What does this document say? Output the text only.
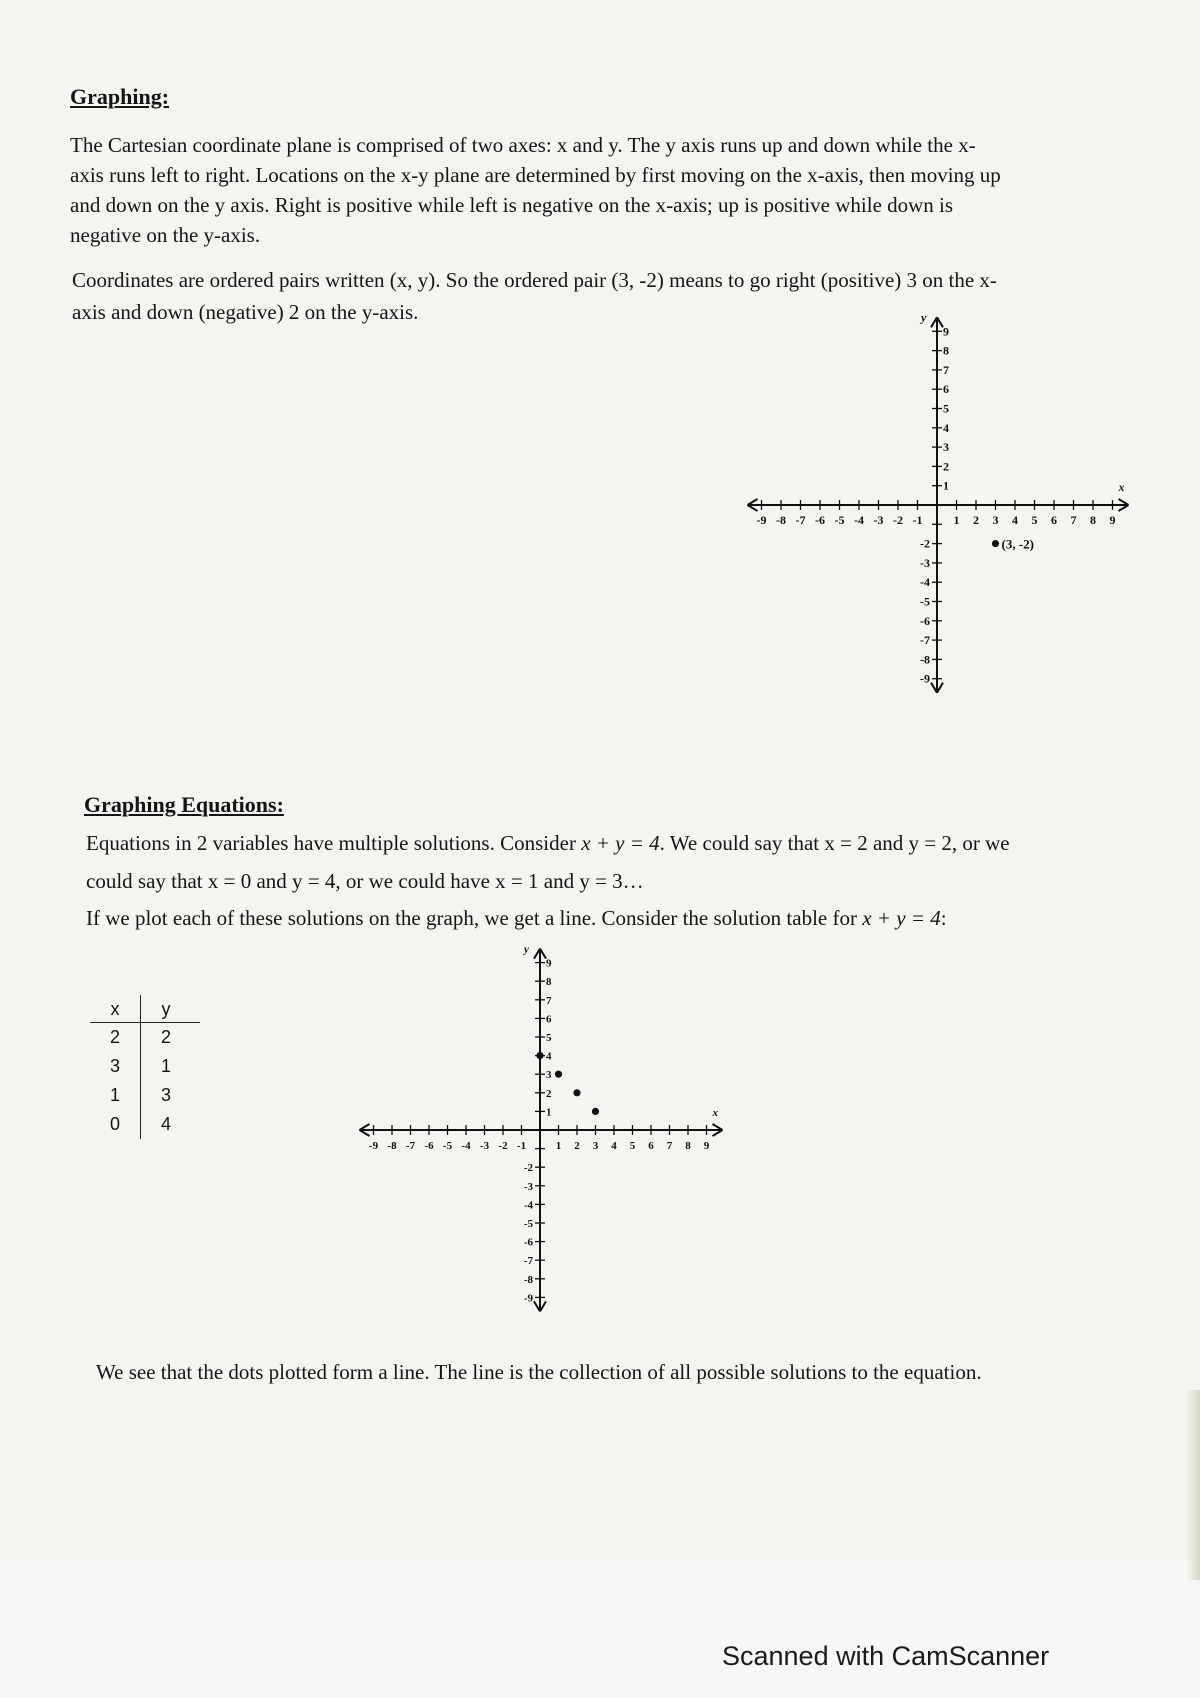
Graphing:

The Cartesian coordinate plane is comprised of two axes: x and y. The y axis runs up and down while the x-

axis runs left to right. Locations on the x-y plane are determined by first moving on the x-axis, then moving up

and down on the y axis. Right is positive while left is negative on the x-axis; up is positive while down is

negative on the y-axis.

Coordinates are ordered pairs written (x, y). So the ordered pair (3, -2) means to go right (positive) 3 on the x-

axis and down (negative) 2 on the y-axis.

-9 -8 -7 -6 -5 -4 -3 -2 -1	1 2 3 4 5 6 7 8 9
9
8
7
6
5
4
3
2
1
-2
-3
-4
-5
-6
-7
-8
-9
y
x
(3, -2)
Graphing Equations:

Equations in 2 variables have multiple solutions. Consider x + y = 4. We could say that x = 2 and y = 2, or we

could say that x = 0 and y = 4, or we could have x = 1 and y = 3…

If we plot each of these solutions on the graph, we get a line. Consider the solution table for x + y = 4:

x	y
2	2
3	1
1	3
0	4
-9 -8 -7 -6 -5 -4 -3 -2 -1	1 2 3 4 5 6 7 8 9
9
8
7
6
5
4
3
2
1
-2
-3
-4
-5
-6
-7
-8
-9
y
x

We see that the dots plotted form a line. The line is the collection of all possible solutions to the equation.

Scanned with CamScanner
